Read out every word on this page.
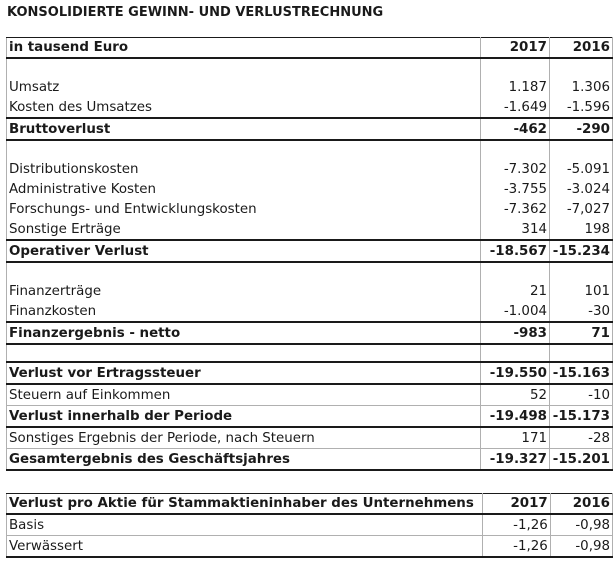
KONSOLIDIERTE GEWINN- UND VERLUSTRECHNUNG
in tausend Euro	2017	2016

Umsatz	1.187	1.306
Kosten des Umsatzes	-1.649	-1.596
Bruttoverlust	-462	-290

Distributionskosten	-7.302	-5.091
Administrative Kosten	-3.755	-3.024
Forschungs- und Entwicklungskosten	-7.362	-7,027
Sonstige Erträge	314	198
Operativer Verlust	-18.567	-15.234

Finanzerträge	21	101
Finanzkosten	-1.004	-30
Finanzergebnis - netto	-983	71

Verlust vor Ertragssteuer	-19.550	-15.163
Steuern auf Einkommen	52	-10
Verlust innerhalb der Periode	-19.498	-15.173
Sonstiges Ergebnis der Periode, nach Steuern	171	-28
Gesamtergebnis des Geschäftsjahres	-19.327	-15.201
Verlust pro Aktie für Stammaktieninhaber des Unternehmens	2017	2016
Basis	-1,26	-0,98
Verwässert	-1,26	-0,98
